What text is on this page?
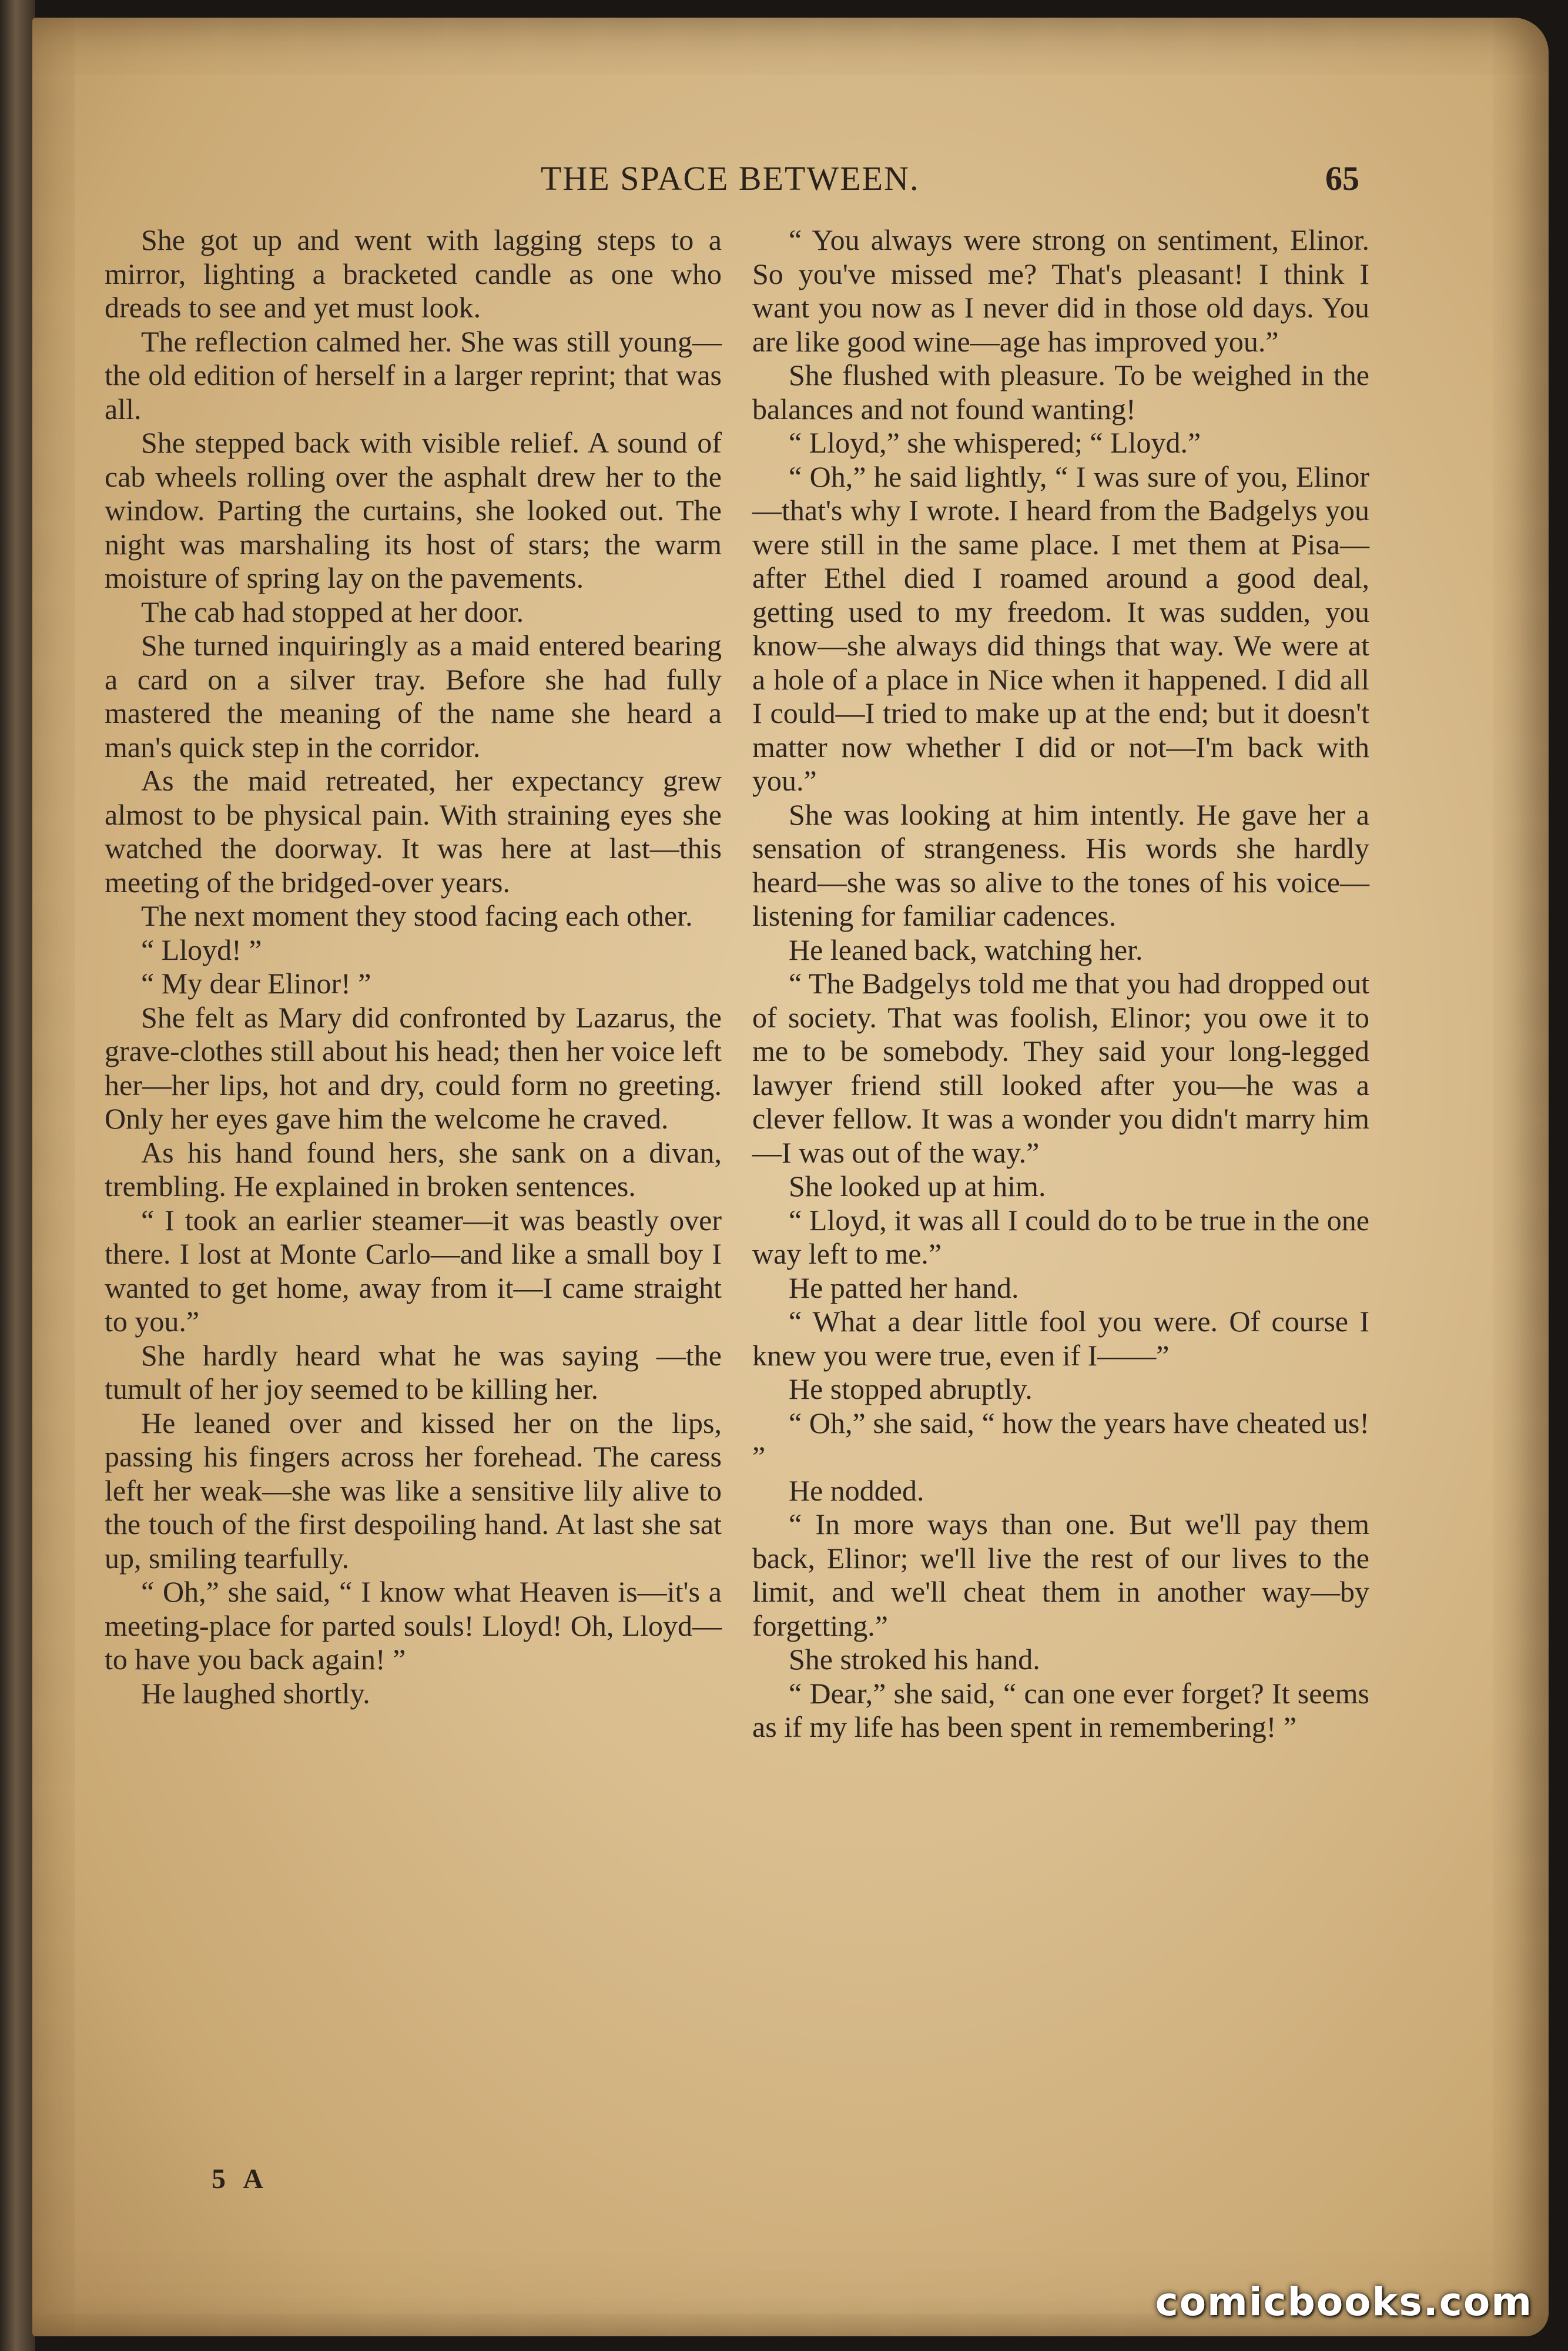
THE SPACE BETWEEN.	65

She got up and went with lagging steps to a mirror, lighting a bracketed candle as one who dreads to see and yet must look.

The reflection calmed her. She was still young—the old edition of herself in a larger reprint; that was all.

She stepped back with visible relief. A sound of cab wheels rolling over the asphalt drew her to the window. Parting the curtains, she looked out. The night was marshaling its host of stars; the warm moisture of spring lay on the pavements.

The cab had stopped at her door.

She turned inquiringly as a maid entered bearing a card on a silver tray. Before she had fully mastered the meaning of the name she heard a man's quick step in the corridor.

As the maid retreated, her expectancy grew almost to be physical pain. With straining eyes she watched the doorway. It was here at last—this meeting of the bridged-over years.

The next moment they stood facing each other.

“ Lloyd! ”

“ My dear Elinor! ”

She felt as Mary did confronted by Lazarus, the grave-clothes still about his head; then her voice left her—her lips, hot and dry, could form no greeting. Only her eyes gave him the welcome he craved.

As his hand found hers, she sank on a divan, trembling. He explained in broken sentences.

“ I took an earlier steamer—it was beastly over there. I lost at Monte Carlo—and like a small boy I wanted to get home, away from it—I came straight to you.”

She hardly heard what he was saying —the tumult of her joy seemed to be killing her.

He leaned over and kissed her on the lips, passing his fingers across her forehead. The caress left her weak—she was like a sensitive lily alive to the touch of the first despoiling hand. At last she sat up, smiling tearfully.

“ Oh,” she said, “ I know what Heaven is—it's a meeting-place for parted souls! Lloyd! Oh, Lloyd—to have you back again! ”

He laughed shortly.

“ You always were strong on sentiment, Elinor. So you've missed me? That's pleasant! I think I want you now as I never did in those old days. You are like good wine—age has improved you.”

She flushed with pleasure. To be weighed in the balances and not found wanting!

“ Lloyd,” she whispered; “ Lloyd.”

“ Oh,” he said lightly, “ I was sure of you, Elinor—that's why I wrote. I heard from the Badgelys you were still in the same place. I met them at Pisa—after Ethel died I roamed around a good deal, getting used to my freedom. It was sudden, you know—she always did things that way. We were at a hole of a place in Nice when it happened. I did all I could—I tried to make up at the end; but it doesn't matter now whether I did or not—I'm back with you.”

She was looking at him intently. He gave her a sensation of strangeness. His words she hardly heard—she was so alive to the tones of his voice—listening for familiar cadences.

He leaned back, watching her.

“ The Badgelys told me that you had dropped out of society. That was foolish, Elinor; you owe it to me to be somebody. They said your long-legged lawyer friend still looked after you—he was a clever fellow. It was a wonder you didn't marry him—I was out of the way.”

She looked up at him.

“ Lloyd, it was all I could do to be true in the one way left to me.”

He patted her hand.

“ What a dear little fool you were. Of course I knew you were true, even if I——”

He stopped abruptly.

“ Oh,” she said, “ how the years have cheated us! ”

He nodded.

“ In more ways than one. But we'll pay them back, Elinor; we'll live the rest of our lives to the limit, and we'll cheat them in another way—by forgetting.”

She stroked his hand.

“ Dear,” she said, “ can one ever forget? It seems as if my life has been spent in remembering! ”

5 A
comicbooks.com
